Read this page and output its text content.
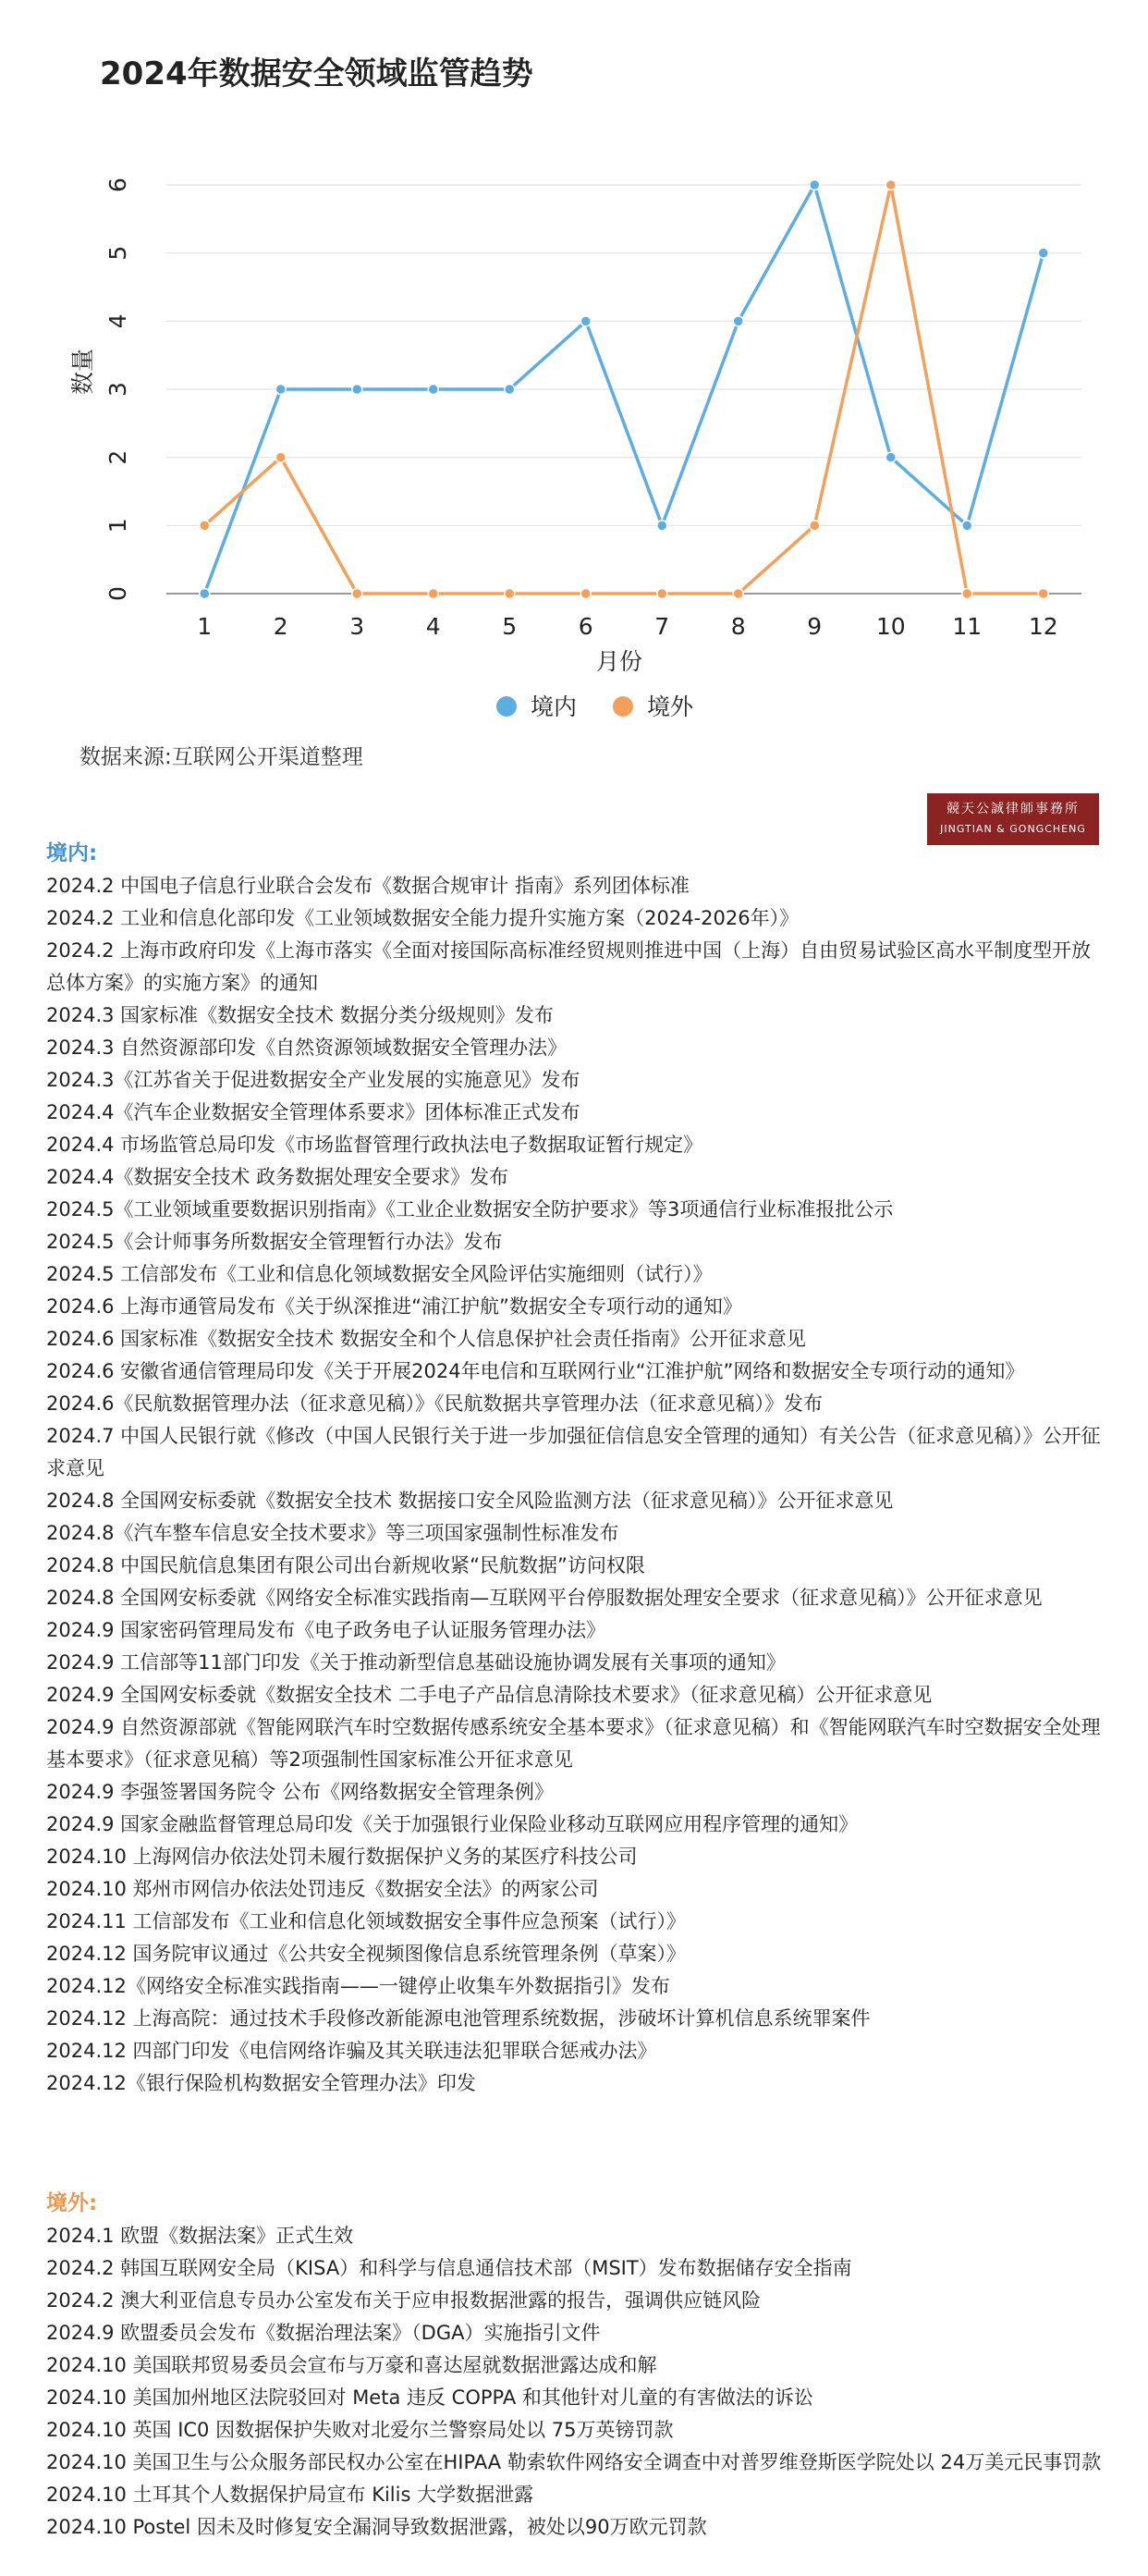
2024年数据安全领域监管趋势
0
1
2
3
4
5
6
1	2	3	4	5	6	7	8	9 10 11 12
月份
数量
境内	境外
数据来源:互联网公开渠道整理
競天公誠律師事務所
JINGTIAN & GONGCHENG
境内:
2024.2 中国电子信息行业联合会发布《数据合规审计 指南》系列团体标准
2024.2 工业和信息化部印发《工业领域数据安全能力提升实施方案（2024-2026年）》
2024.2 上海市政府印发《上海市落实《全面对接国际高标准经贸规则推进中国（上海）自由贸易试验区高水平制度型开放总体方案》的实施方案》的通知
2024.3 国家标准《数据安全技术 数据分类分级规则》发布
2024.3 自然资源部印发《自然资源领域数据安全管理办法》
2024.3《江苏省关于促进数据安全产业发展的实施意见》发布
2024.4《汽车企业数据安全管理体系要求》团体标准正式发布
2024.4 市场监管总局印发《市场监督管理行政执法电子数据取证暂行规定》
2024.4《数据安全技术 政务数据处理安全要求》发布
2024.5《工业领域重要数据识别指南》《工业企业数据安全防护要求》等3项通信行业标准报批公示
2024.5《会计师事务所数据安全管理暂行办法》发布
2024.5 工信部发布《工业和信息化领域数据安全风险评估实施细则（试行）》
2024.6 上海市通管局发布《关于纵深推进“浦江护航”数据安全专项行动的通知》
2024.6 国家标准《数据安全技术 数据安全和个人信息保护社会责任指南》公开征求意见
2024.6 安徽省通信管理局印发《关于开展2024年电信和互联网行业“江淮护航”网络和数据安全专项行动的通知》
2024.6《民航数据管理办法（征求意见稿）》《民航数据共享管理办法（征求意见稿）》发布
2024.7 中国人民银行就《修改（中国人民银行关于进一步加强征信信息安全管理的通知）有关公告（征求意见稿）》公开征求意见
2024.8 全国网安标委就《数据安全技术 数据接口安全风险监测方法（征求意见稿）》公开征求意见
2024.8《汽车整车信息安全技术要求》等三项国家强制性标准发布
2024.8 中国民航信息集团有限公司出台新规收紧“民航数据”访问权限
2024.8 全国网安标委就《网络安全标准实践指南—互联网平台停服数据处理安全要求（征求意见稿）》公开征求意见
2024.9 国家密码管理局发布《电子政务电子认证服务管理办法》
2024.9 工信部等11部门印发《关于推动新型信息基础设施协调发展有关事项的通知》
2024.9 全国网安标委就《数据安全技术 二手电子产品信息清除技术要求》（征求意见稿）公开征求意见
2024.9 自然资源部就《智能网联汽车时空数据传感系统安全基本要求》（征求意见稿）和《智能网联汽车时空数据安全处理基本要求》（征求意见稿）等2项强制性国家标准公开征求意见
2024.9 李强签署国务院令 公布《网络数据安全管理条例》
2024.9 国家金融监督管理总局印发《关于加强银行业保险业移动互联网应用程序管理的通知》
2024.10 上海网信办依法处罚未履行数据保护义务的某医疗科技公司
2024.10 郑州市网信办依法处罚违反《数据安全法》的两家公司
2024.11 工信部发布《工业和信息化领域数据安全事件应急预案（试行）》
2024.12 国务院审议通过《公共安全视频图像信息系统管理条例（草案）》
2024.12《网络安全标准实践指南——一键停止收集车外数据指引》发布
2024.12 上海高院：通过技术手段修改新能源电池管理系统数据，涉破坏计算机信息系统罪案件
2024.12 四部门印发《电信网络诈骗及其关联违法犯罪联合惩戒办法》
2024.12《银行保险机构数据安全管理办法》印发
境外:
2024.1 欧盟《数据法案》正式生效
2024.2 韩国互联网安全局（KISA）和科学与信息通信技术部（MSIT）发布数据储存安全指南
2024.2 澳大利亚信息专员办公室发布关于应申报数据泄露的报告，强调供应链风险
2024.9 欧盟委员会发布《数据治理法案》（DGA）实施指引文件
2024.10 美国联邦贸易委员会宣布与万豪和喜达屋就数据泄露达成和解
2024.10 美国加州地区法院驳回对 Meta 违反 COPPA 和其他针对儿童的有害做法的诉讼
2024.10 英国 IC0 因数据保护失败对北爱尔兰警察局处以 75万英镑罚款
2024.10 美国卫生与公众服务部民权办公室在HIPAA 勒索软件网络安全调查中对普罗维登斯医学院处以 24万美元民事罚款
2024.10 土耳其个人数据保护局宣布 Kilis 大学数据泄露
2024.10 Postel 因未及时修复安全漏洞导致数据泄露，被处以90万欧元罚款
